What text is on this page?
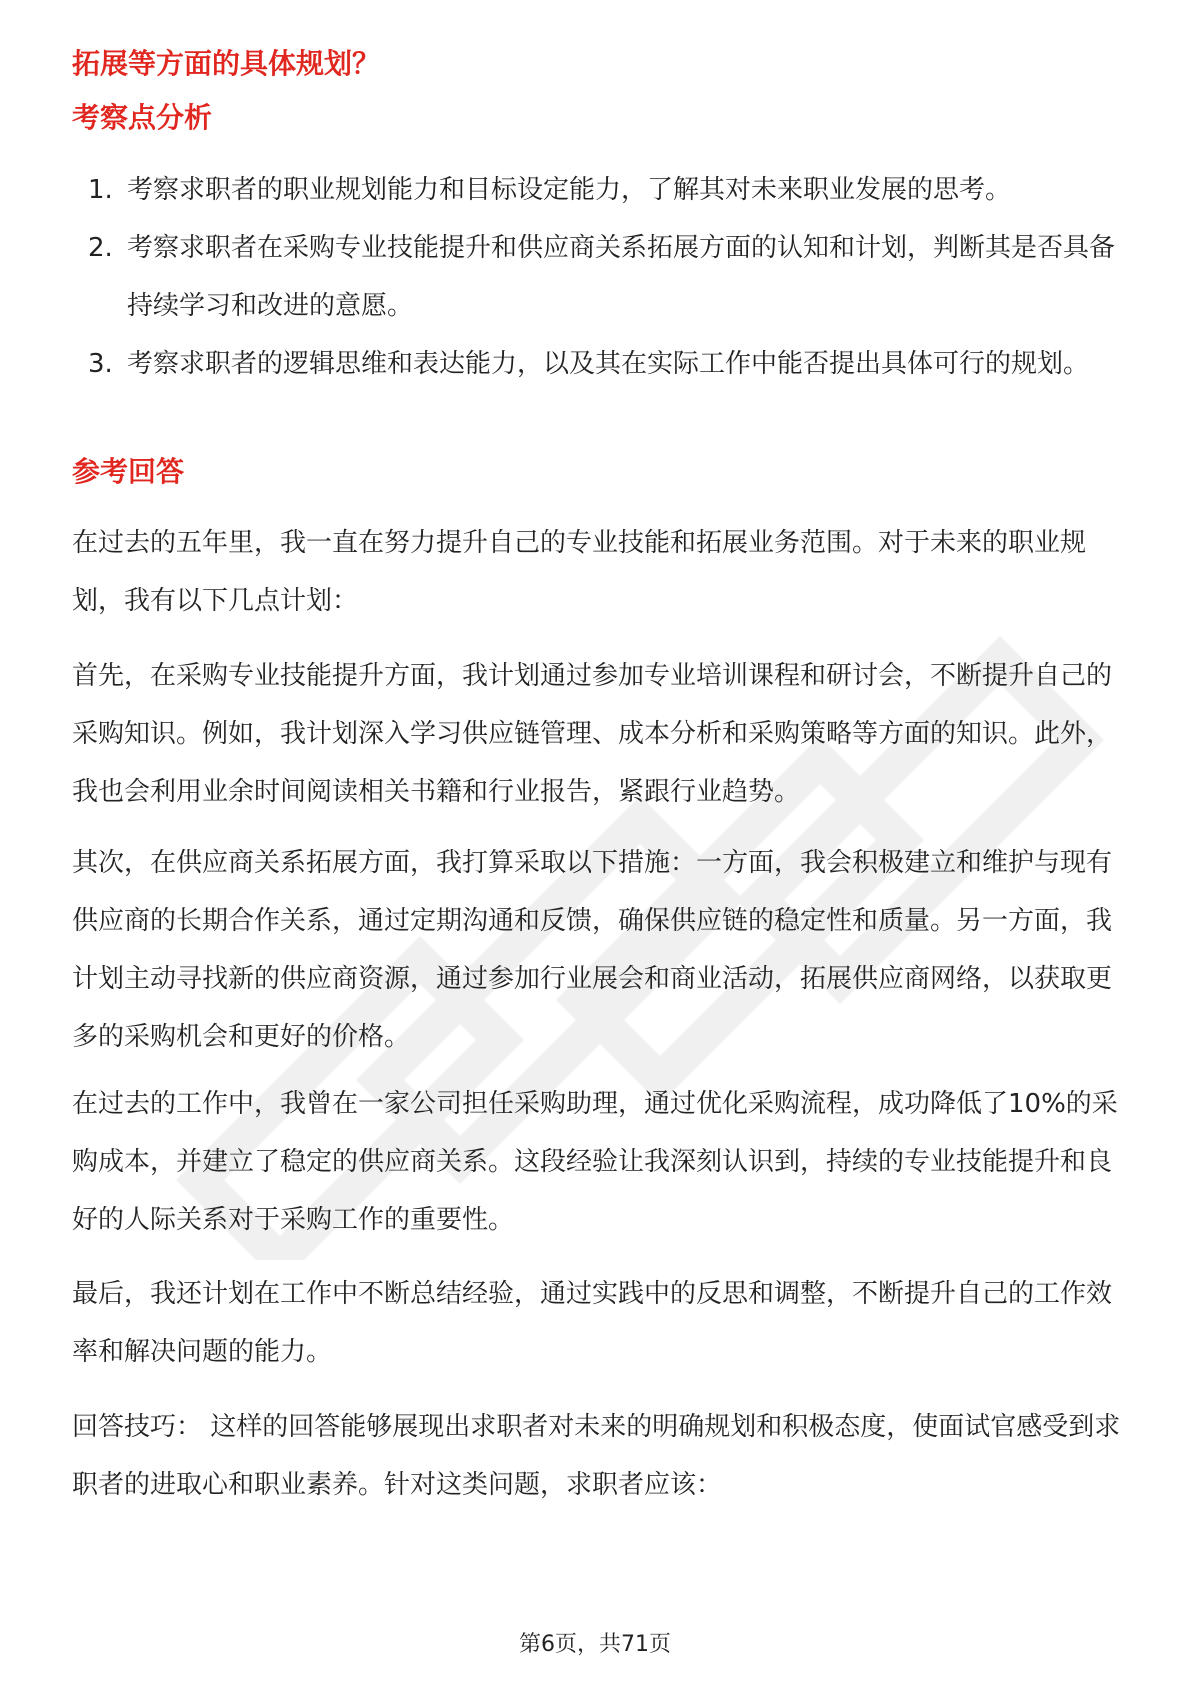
拓展等方面的具体规划？

考察点分析

1. 考察求职者的职业规划能力和目标设定能力，了解其对未来职业发展的思考。
2. 考察求职者在采购专业技能提升和供应商关系拓展方面的认知和计划，判断其是否具备持续学习和改进的意愿。
3. 考察求职者的逻辑思维和表达能力，以及其在实际工作中能否提出具体可行的规划。

参考回答

在过去的五年里，我一直在努力提升自己的专业技能和拓展业务范围。对于未来的职业规划，我有以下几点计划：

首先，在采购专业技能提升方面，我计划通过参加专业培训课程和研讨会，不断提升自己的采购知识。例如，我计划深入学习供应链管理、成本分析和采购策略等方面的知识。此外，我也会利用业余时间阅读相关书籍和行业报告，紧跟行业趋势。

其次，在供应商关系拓展方面，我打算采取以下措施：一方面，我会积极建立和维护与现有供应商的长期合作关系，通过定期沟通和反馈，确保供应链的稳定性和质量。另一方面，我计划主动寻找新的供应商资源，通过参加行业展会和商业活动，拓展供应商网络，以获取更多的采购机会和更好的价格。

在过去的工作中，我曾在一家公司担任采购助理，通过优化采购流程，成功降低了10%的采购成本，并建立了稳定的供应商关系。这段经验让我深刻认识到，持续的专业技能提升和良好的人际关系对于采购工作的重要性。

最后，我还计划在工作中不断总结经验，通过实践中的反思和调整，不断提升自己的工作效率和解决问题的能力。

回答技巧： 这样的回答能够展现出求职者对未来的明确规划和积极态度，使面试官感受到求职者的进取心和职业素养。针对这类问题，求职者应该：

第6页，共71页
